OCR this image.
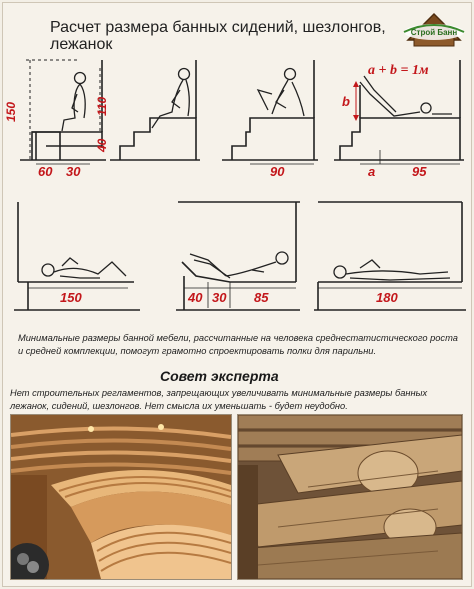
Расчет размера банных сидений, шезлонгов, лежанок
Строй Банн
150
60 30
110
40
90
a + b = 1м
b
a	95
150	40 30 85	180

Минимальные размеры банной мебели, рассчитанные на человека среднестатистического роста и средней комплекции, помогут грамотно спроектировать полки для парильни.

Совет эксперта

Нет строительных регламентов, запрещающих увеличивать минимальные размеры банных лежанок, сидений, шезлонгов. Нет смысла их уменьшать - будет неудобно.
